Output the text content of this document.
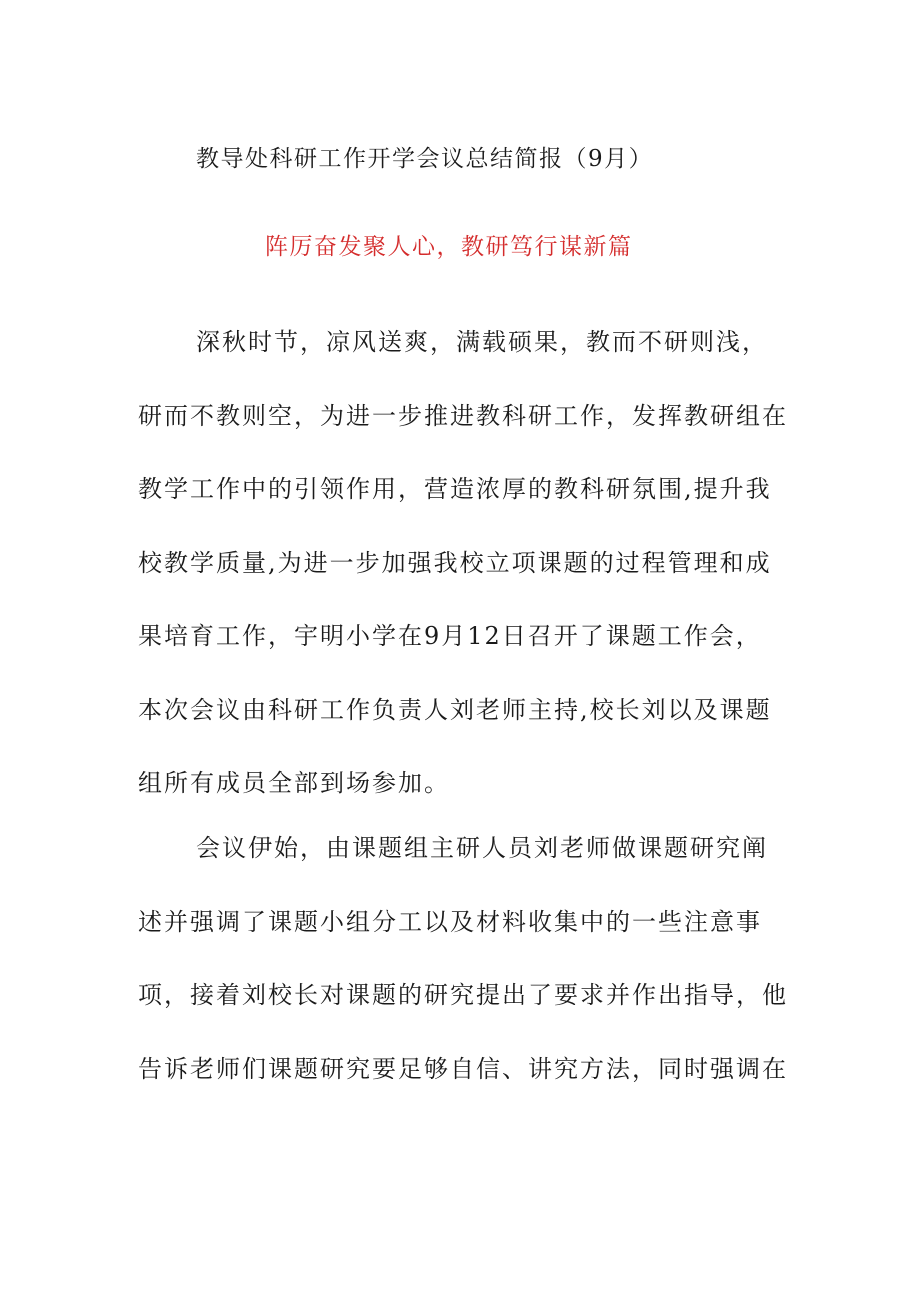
教导处科研工作开学会议总结简报（9月）
阵厉奋发聚人心，教研笃行谋新篇
深秋时节，凉风送爽，满载硕果，教而不研则浅，
研而不教则空，为进一步推进教科研工作，发挥教研组在
教学工作中的引领作用，营造浓厚的教科研氛围,提升我
校教学质量,为进一步加强我校立项课题的过程管理和成
果培育工作，宇明小学在9月12日召开了课题工作会，
本次会议由科研工作负责人刘老师主持,校长刘以及课题
组所有成员全部到场参加。
会议伊始，由课题组主研人员刘老师做课题研究阐
述并强调了课题小组分工以及材料收集中的一些注意事
项，接着刘校长对课题的研究提出了要求并作出指导，他
告诉老师们课题研究要足够自信、讲究方法，同时强调在
